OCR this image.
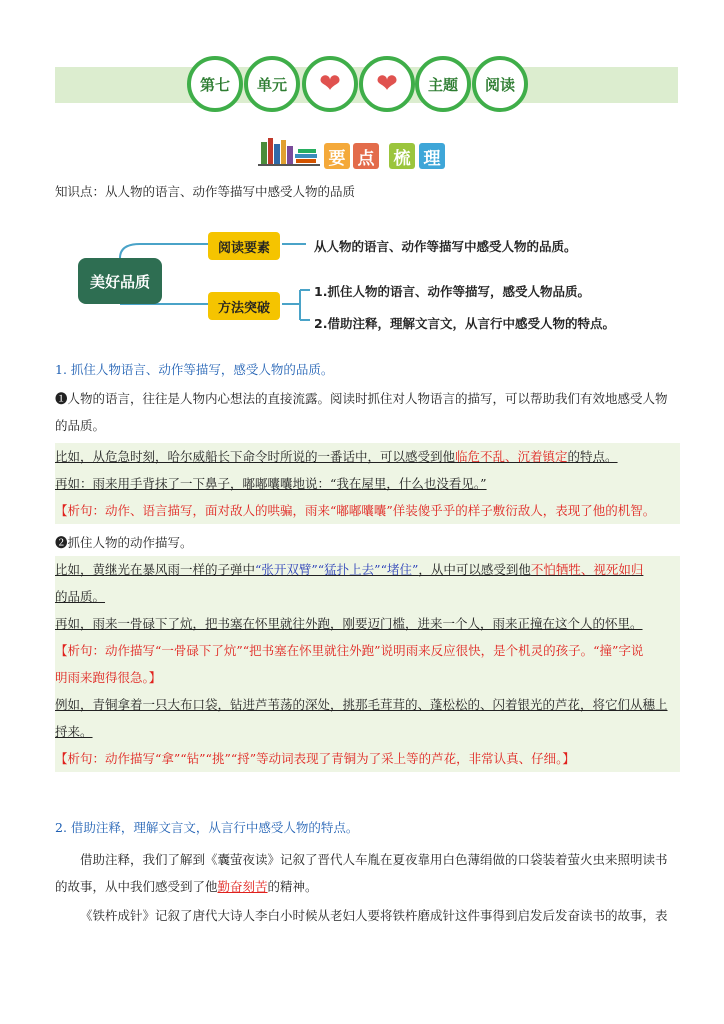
第七 单元 ❤ ❤ 主题 阅读
要 点 梳 理
知识点：从人物的语言、动作等描写中感受人物的品质
美好品质
阅读要素	从人物的语言、动作等描写中感受人物的品质。
方法突破
1.抓住人物的语言、动作等描写，感受人物品质。
2.借助注释，理解文言文，从言行中感受人物的特点。
1. 抓住人物语言、动作等描写，感受人物的品质。
❶人物的语言，往往是人物内心想法的直接流露。阅读时抓住对人物语言的描写，可以帮助我们有效地感受人物
的品质。
比如，从危急时刻，哈尔威船长下命令时所说的一番话中，可以感受到他临危不乱、沉着镇定的特点。
再如：雨来用手背抹了一下鼻子，嘟嘟囔囔地说：“我在屋里，什么也没看见。”
【析句：动作、语言描写，面对敌人的哄骗，雨来“嘟嘟囔囔”佯装傻乎乎的样子敷衍敌人，表现了他的机智。
❷抓住人物的动作描写。
比如，黄继光在暴风雨一样的子弹中“张开双臂”“猛扑上去”“堵住”，从中可以感受到他不怕牺牲、视死如归
的品质。
再如，雨来一骨碌下了炕，把书塞在怀里就往外跑，刚要迈门槛，进来一个人，雨来正撞在这个人的怀里。
【析句：动作描写“一骨碌下了炕”“把书塞在怀里就往外跑”说明雨来反应很快，是个机灵的孩子。“撞”字说
明雨来跑得很急。】
例如，青铜拿着一只大布口袋，钻进芦苇荡的深处，挑那毛茸茸的、蓬松松的、闪着银光的芦花，将它们从穗上
捋来。
【析句：动作描写“拿”“钻”“挑”“捋”等动词表现了青铜为了采上等的芦花，非常认真、仔细。】
2. 借助注释，理解文言文，从言行中感受人物的特点。
借助注释，我们了解到《囊萤夜读》记叙了晋代人车胤在夏夜靠用白色薄绢做的口袋装着萤火虫来照明读书
的故事，从中我们感受到了他勤奋刻苦的精神。
《铁杵成针》记叙了唐代大诗人李白小时候从老妇人要将铁杵磨成针这件事得到启发后发奋读书的故事，表
